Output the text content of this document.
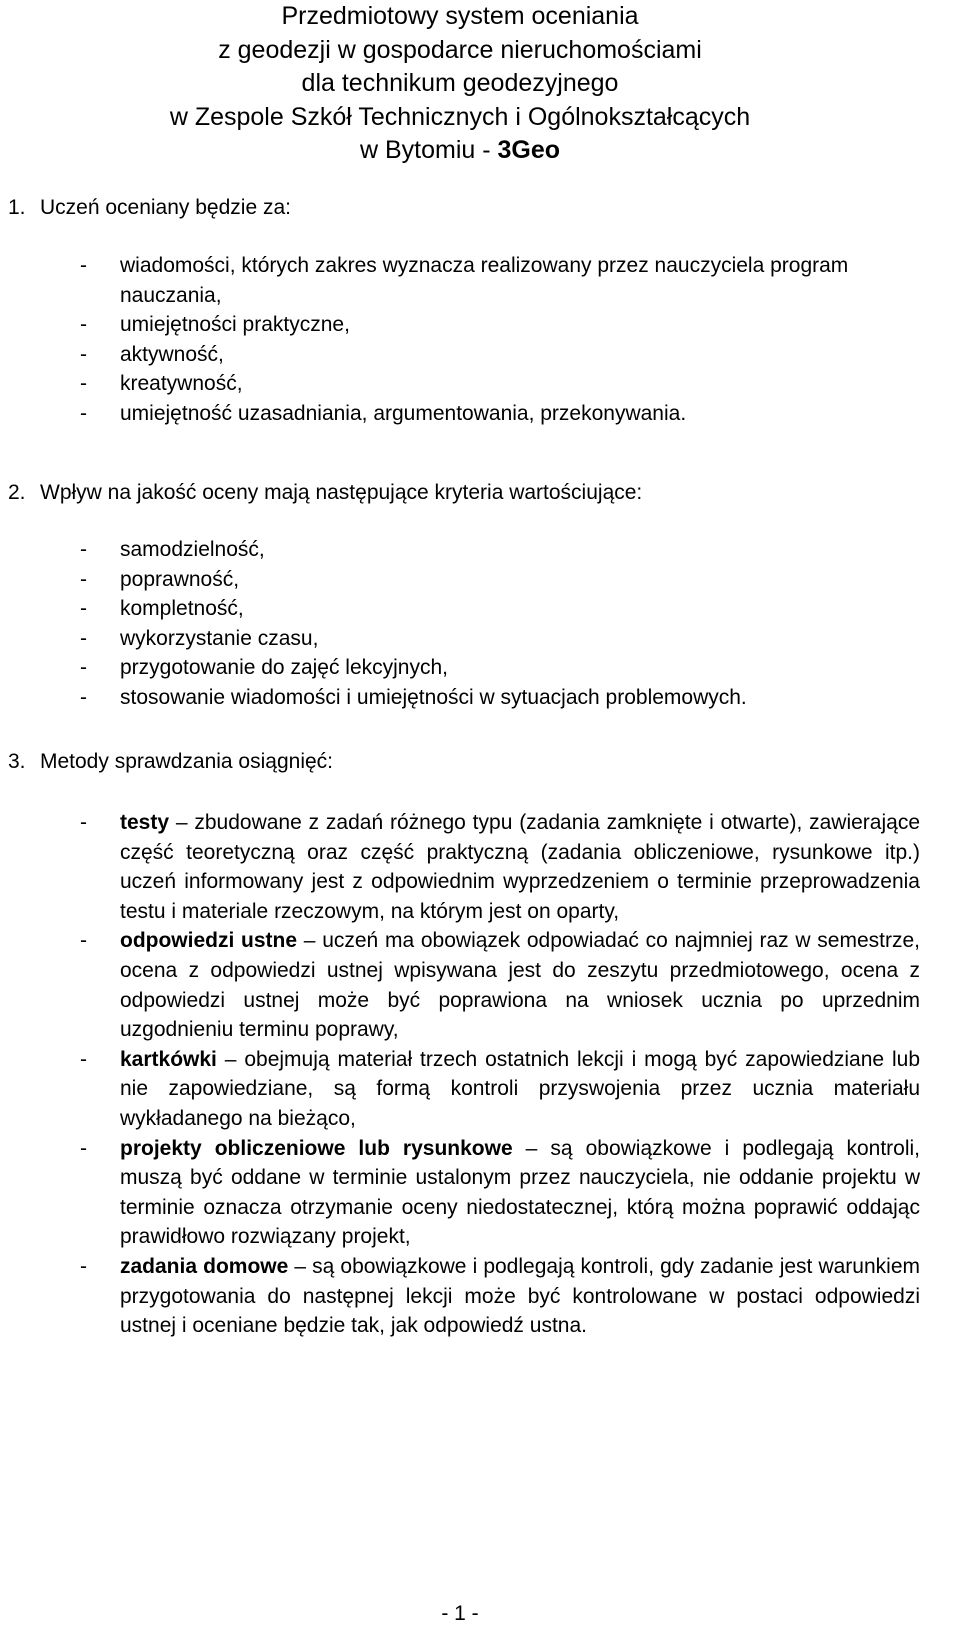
Przedmiotowy system oceniania
z geodezji w gospodarce nieruchomościami
dla technikum geodezyjnego
w Zespole Szkół Technicznych i Ogólnokształcących
w Bytomiu - 3Geo
1. Uczeń oceniany będzie za:
- wiadomości, których zakres wyznacza realizowany przez nauczyciela program nauczania,
- umiejętności praktyczne,
- aktywność,
- kreatywność,
- umiejętność uzasadniania, argumentowania, przekonywania.
2. Wpływ na jakość oceny mają następujące kryteria wartościujące:
- samodzielność,
- poprawność,
- kompletność,
- wykorzystanie czasu,
- przygotowanie do zajęć lekcyjnych,
- stosowanie wiadomości i umiejętności w sytuacjach problemowych.
3. Metody sprawdzania osiągnięć:
- testy – zbudowane z zadań różnego typu (zadania zamknięte i otwarte), zawierające część teoretyczną oraz część praktyczną (zadania obliczeniowe, rysunkowe itp.) uczeń informowany jest z odpowiednim wyprzedzeniem o terminie przeprowadzenia testu i materiale rzeczowym, na którym jest on oparty,
- odpowiedzi ustne – uczeń ma obowiązek odpowiadać co najmniej raz w semestrze, ocena z odpowiedzi ustnej wpisywana jest do zeszytu przedmiotowego, ocena z odpowiedzi ustnej może być poprawiona na wniosek ucznia po uprzednim uzgodnieniu terminu poprawy,
- kartkówki – obejmują materiał trzech ostatnich lekcji i mogą być zapowiedziane lub nie zapowiedziane, są formą kontroli przyswojenia przez ucznia materiału wykładanego na bieżąco,
- projekty obliczeniowe lub rysunkowe – są obowiązkowe i podlegają kontroli, muszą być oddane w terminie ustalonym przez nauczyciela, nie oddanie projektu w terminie oznacza otrzymanie oceny niedostatecznej, którą można poprawić oddając prawidłowo rozwiązany projekt,
- zadania domowe – są obowiązkowe i podlegają kontroli, gdy zadanie jest warunkiem przygotowania do następnej lekcji może być kontrolowane w postaci odpowiedzi ustnej i oceniane będzie tak, jak odpowiedź ustna.
- 1 -
